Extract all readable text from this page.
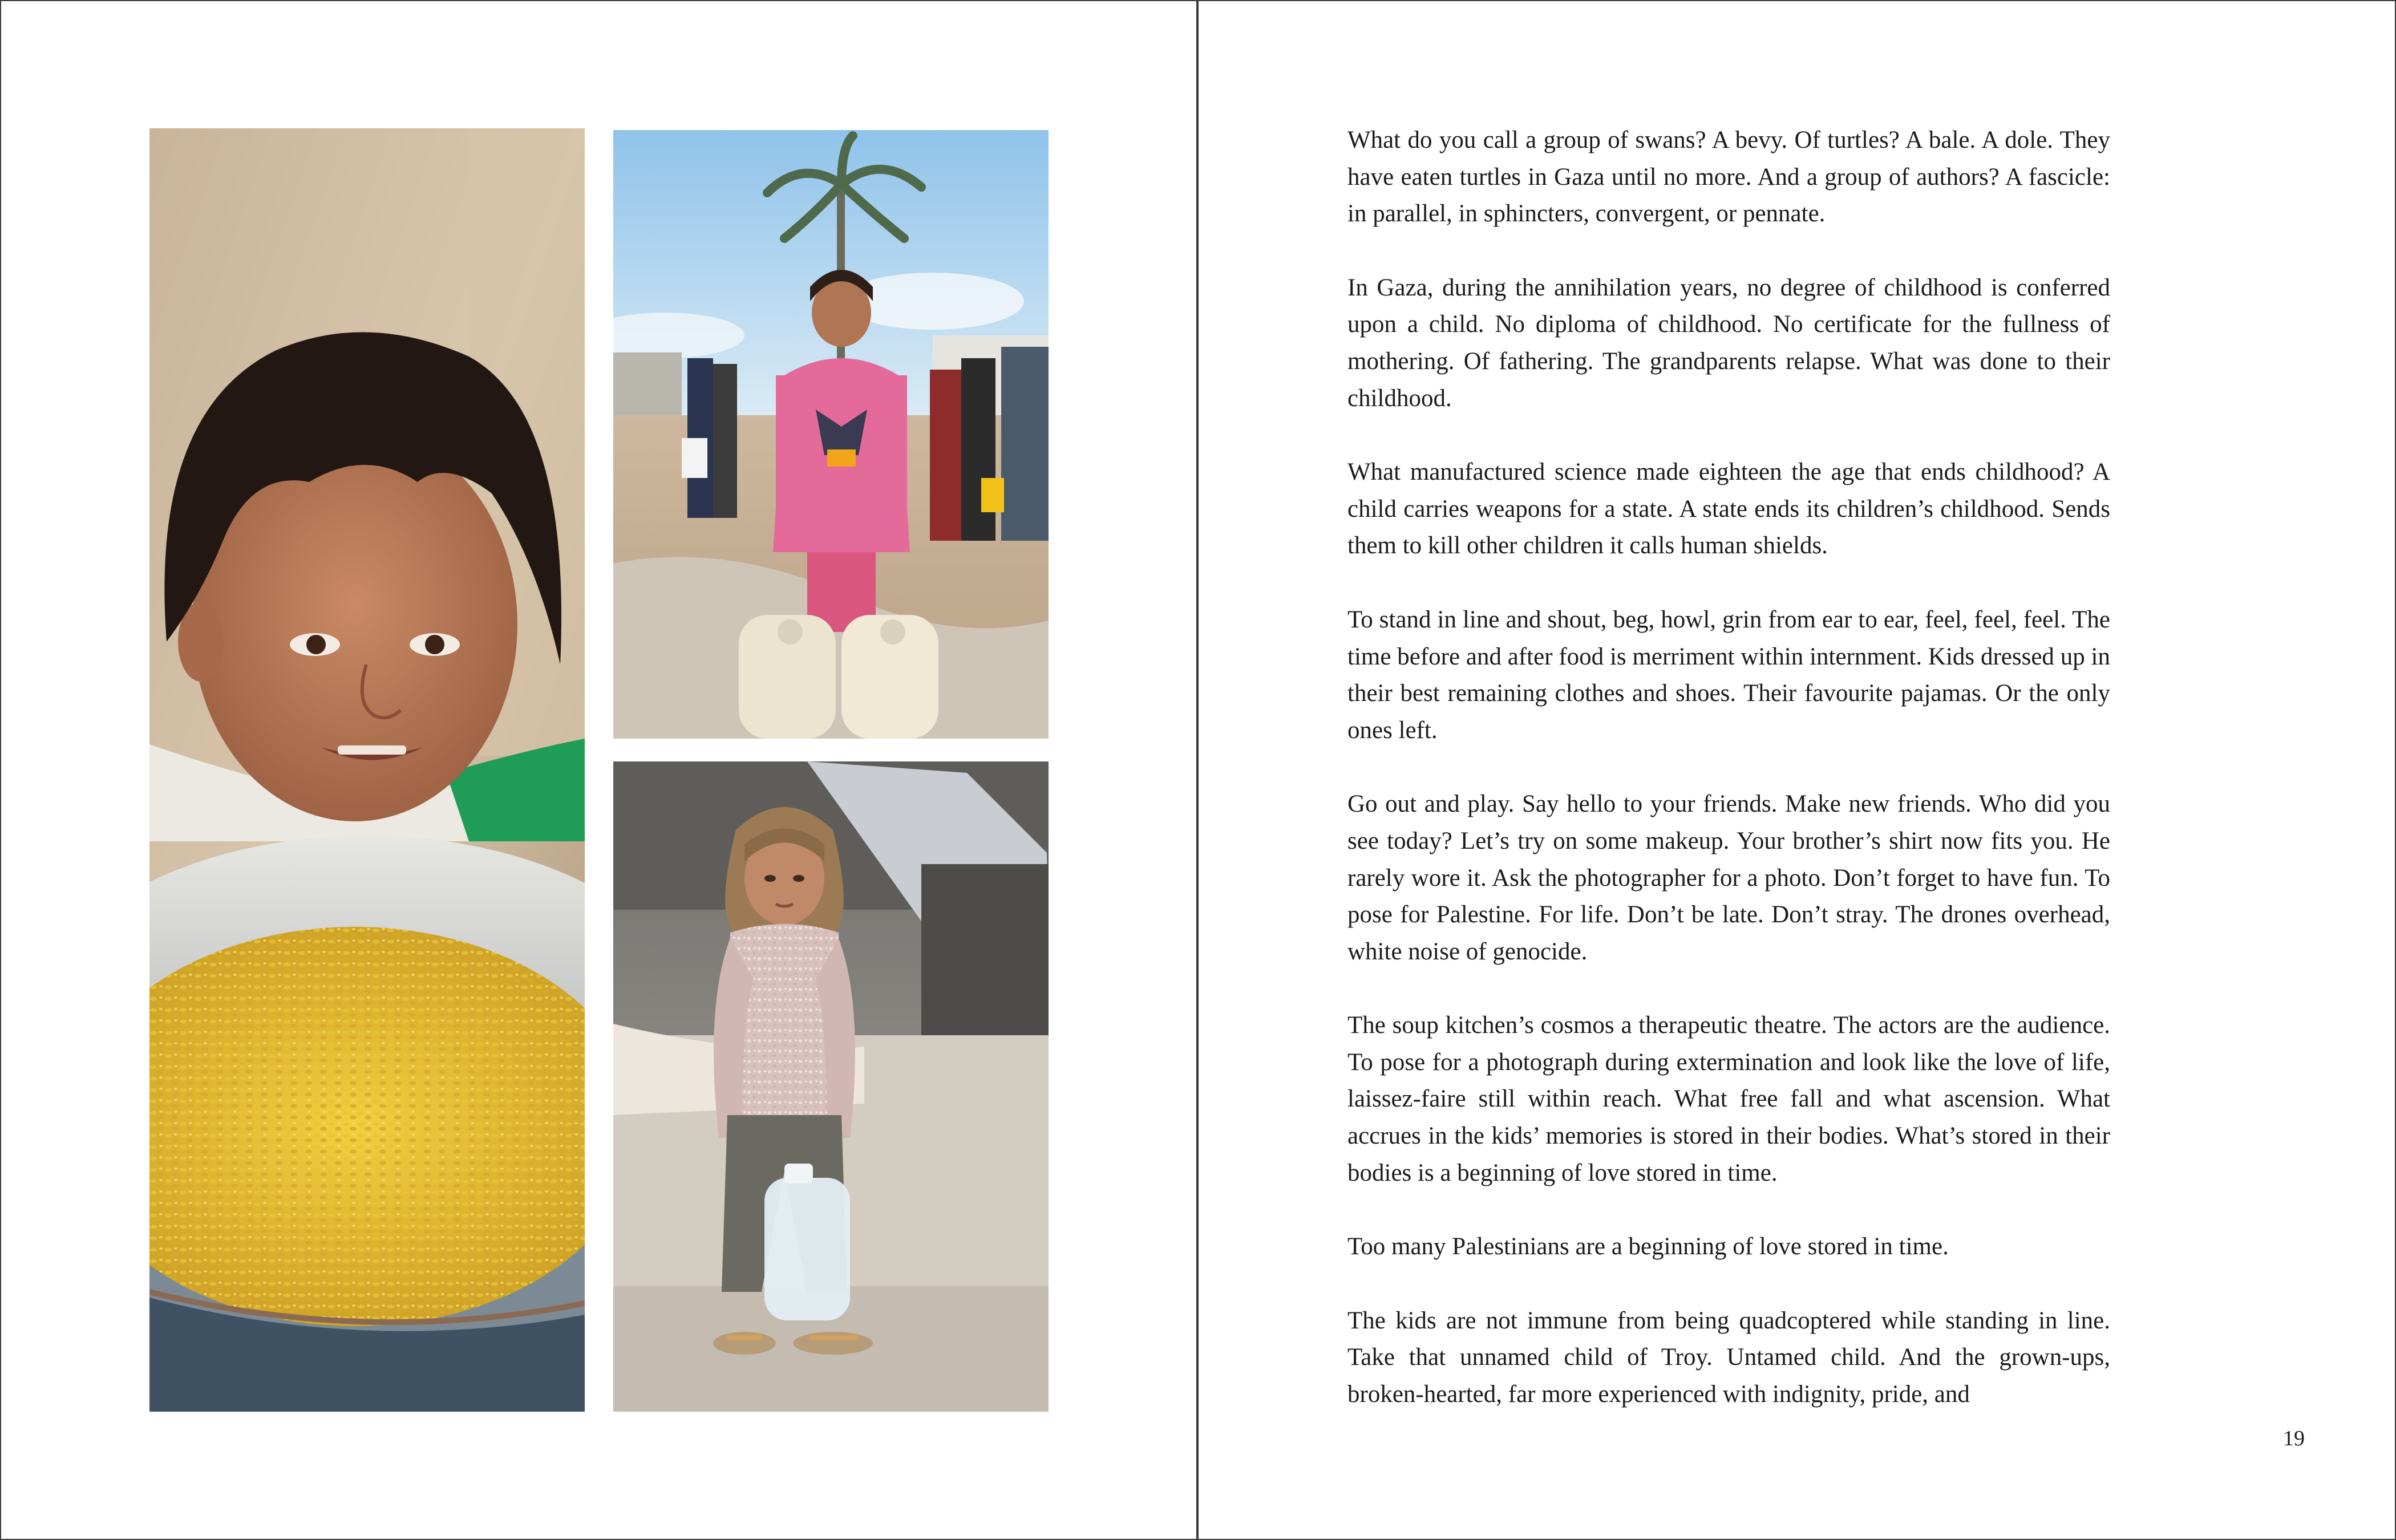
What do you call a group of swans? A bevy. Of turtles? A bale. A dole. They have eaten turtles in Gaza until no more. And a group of authors? A fascicle: in parallel, in sphincters, convergent, or pennate.

In Gaza, during the annihilation years, no degree of childhood is conferred upon a child. No diploma of childhood. No certificate for the fullness of mothering. Of fathering. The grandparents relapse. What was done to their childhood.

What manufactured science made eighteen the age that ends childhood? A child carries weapons for a state. A state ends its children’s childhood. Sends them to kill other children it calls human shields.

To stand in line and shout, beg, howl, grin from ear to ear, feel, feel, feel. The time before and after food is merriment within internment. Kids dressed up in their best remaining clothes and shoes. Their favourite pajamas. Or the only ones left.

Go out and play. Say hello to your friends. Make new friends. Who did you see today? Let’s try on some makeup. Your brother’s shirt now fits you. He rarely wore it. Ask the photographer for a photo. Don’t forget to have fun. To pose for Palestine. For life. Don’t be late. Don’t stray. The drones overhead, white noise of genocide.

The soup kitchen’s cosmos a therapeutic theatre. The actors are the audience. To pose for a photograph during extermination and look like the love of life, laissez-faire still within reach. What free fall and what ascension. What accrues in the kids’ memories is stored in their bodies. What’s stored in their bodies is a beginning of love stored in time.

Too many Palestinians are a beginning of love stored in time.

The kids are not immune from being quadcoptered while standing in line. Take that unnamed child of Troy. Untamed child. And the grown-ups, broken-hearted, far more experienced with indignity, pride, and

19
